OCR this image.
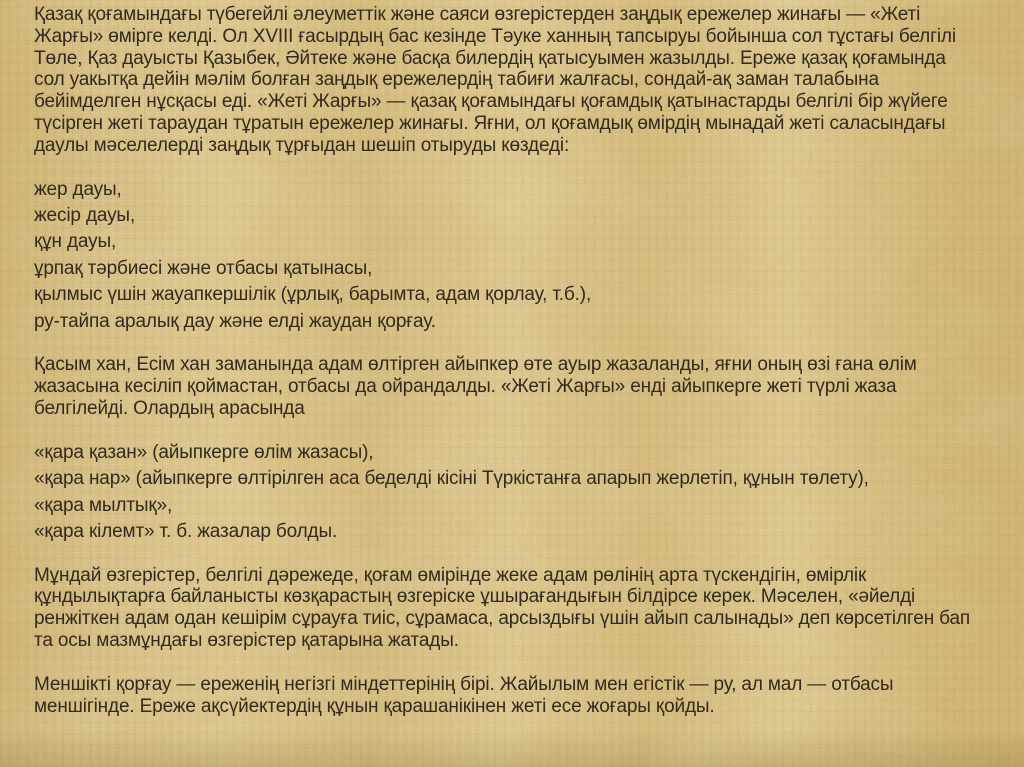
Қазақ қоғамындағы түбегейлі әлеуметтік және саяси өзгерістерден заңдық ережелер жинағы — «Жеті
Жарғы» өмірге келді. Ол XVIII ғасырдың бас кезінде Тәуке ханның тапсыруы бойынша сол тұстағы белгілі
Төле, Қаз дауысты Қазыбек, Әйтеке және басқа билердің қатысуымен жазылды. Ереже қазақ қоғамында
сол уакытқа дейін мәлім болған заңдық ережелердің табиғи жалғасы, сондай-ақ заман талабына
бейімделген нұсқасы еді. «Жеті Жарғы» — қазақ қоғамындағы қоғамдық қатынастарды белгілі бір жүйеге
түсірген жеті тараудан тұратын ережелер жинағы. Яғни, ол қоғамдық өмірдің мынадай жеті саласындағы
даулы мәселелерді заңдық тұрғыдан шешіп отыруды көздеді:
жер дауы,
жесір дауы,
құн дауы,
ұрпақ тәрбиесі және отбасы қатынасы,
қылмыс үшін жауапкершілік (ұрлық, барымта, адам қорлау, т.б.),
ру-тайпа аралық дау және елді жаудан қорғау.
Қасым хан, Есім хан заманында адам өлтірген айыпкер өте ауыр жазаланды, яғни оның өзі ғана өлім
жазасына кесіліп қоймастан, отбасы да ойрандалды. «Жеті Жарғы» енді айыпкерге жеті түрлі жаза
белгілейді. Олардың арасында
«қара қазан» (айыпкерге өлім жазасы),
«қара нар» (айыпкерге өлтірілген аса беделді кісіні Түркістанға апарып жерлетіп, құнын төлету),
«қара мылтық»,
«қара кілемт» т. б. жазалар болды.
Мұндай өзгерістер, белгілі дәрежеде, қоғам өмірінде жеке адам рөлінің арта түскендігін, өмірлік
құндылықтарға байланысты көзқарастың өзгеріске ұшырағандығын білдірсе керек. Мәселен, «әйелді
ренжіткен адам одан кешірім сұрауға тиіс, сұрамаса, арсыздығы үшін айып салынады» деп көрсетілген бап
та осы мазмұндағы өзгерістер қатарына жатады.
Меншікті қорғау — ереженің негізгі міндеттерінің бірі. Жайылым мен егістік — ру, ал мал — отбасы
меншігінде. Ереже ақсүйектердің құнын қарашанікінен жеті есе жоғары қойды.
